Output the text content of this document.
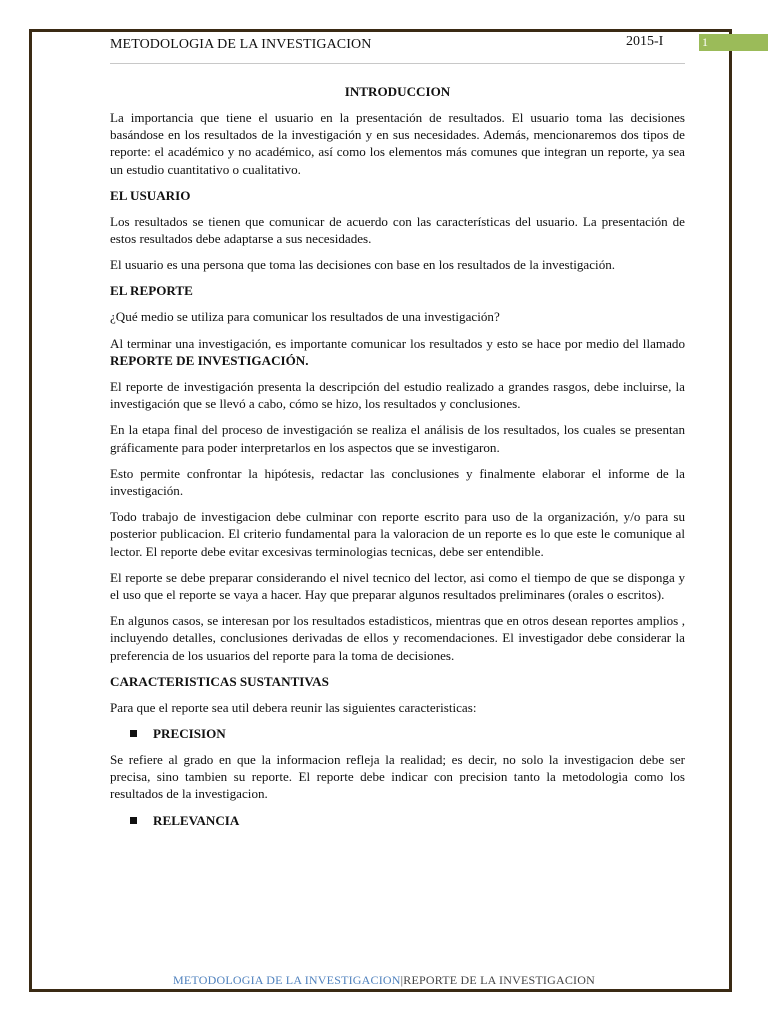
METODOLOGIA DE LA INVESTIGACION	2015-I	1
INTRODUCCION

La importancia que tiene el usuario en la presentación de resultados. El usuario toma las decisiones basándose en los resultados de la investigación y en sus necesidades. Además, mencionaremos dos tipos de reporte: el académico y no académico, así como los elementos más comunes que integran un reporte, ya sea un estudio cuantitativo o cualitativo.

EL USUARIO

Los resultados se tienen que comunicar de acuerdo con las características del usuario. La presentación de estos resultados debe adaptarse a sus necesidades.

El usuario es una persona que toma las decisiones con base en los resultados de la investigación.

EL REPORTE

¿Qué medio se utiliza para comunicar los resultados de una investigación?

Al terminar una investigación, es importante comunicar los resultados y esto se hace por medio del llamado REPORTE DE INVESTIGACIÓN.

El reporte de investigación presenta la descripción del estudio realizado a grandes rasgos, debe incluirse, la investigación que se llevó a cabo, cómo se hizo, los resultados y conclusiones.

En la etapa final del proceso de investigación se realiza el análisis de los resultados, los cuales se presentan gráficamente para poder interpretarlos en los aspectos que se investigaron.

Esto permite confrontar la hipótesis, redactar las conclusiones y finalmente elaborar el informe de la investigación.

Todo trabajo de investigacion debe culminar con reporte escrito para uso de la organización, y/o para su posterior publicacion. El criterio fundamental para la valoracion de un reporte es lo que este le comunique al lector. El reporte debe evitar excesivas terminologias tecnicas, debe ser entendible.

El reporte se debe preparar considerando el nivel tecnico del lector, asi como el tiempo de que se disponga y el uso que el reporte se vaya a hacer. Hay que preparar algunos resultados preliminares (orales o escritos).

En algunos casos, se interesan por los resultados estadisticos, mientras que en otros desean reportes amplios , incluyendo detalles, conclusiones derivadas de ellos y recomendaciones. El investigador debe considerar la preferencia de los usuarios del reporte para la toma de decisiones.

CARACTERISTICAS SUSTANTIVAS

Para que el reporte sea util debera reunir las siguientes caracteristicas:

PRECISION

Se refiere al grado en que la informacion refleja la realidad; es decir, no solo la investigacion debe ser precisa, sino tambien su reporte. El reporte debe indicar con precision tanto la metodologia como los resultados de la investigacion.

RELEVANCIA
METODOLOGIA DE LA INVESTIGACION|REPORTE DE LA INVESTIGACION
